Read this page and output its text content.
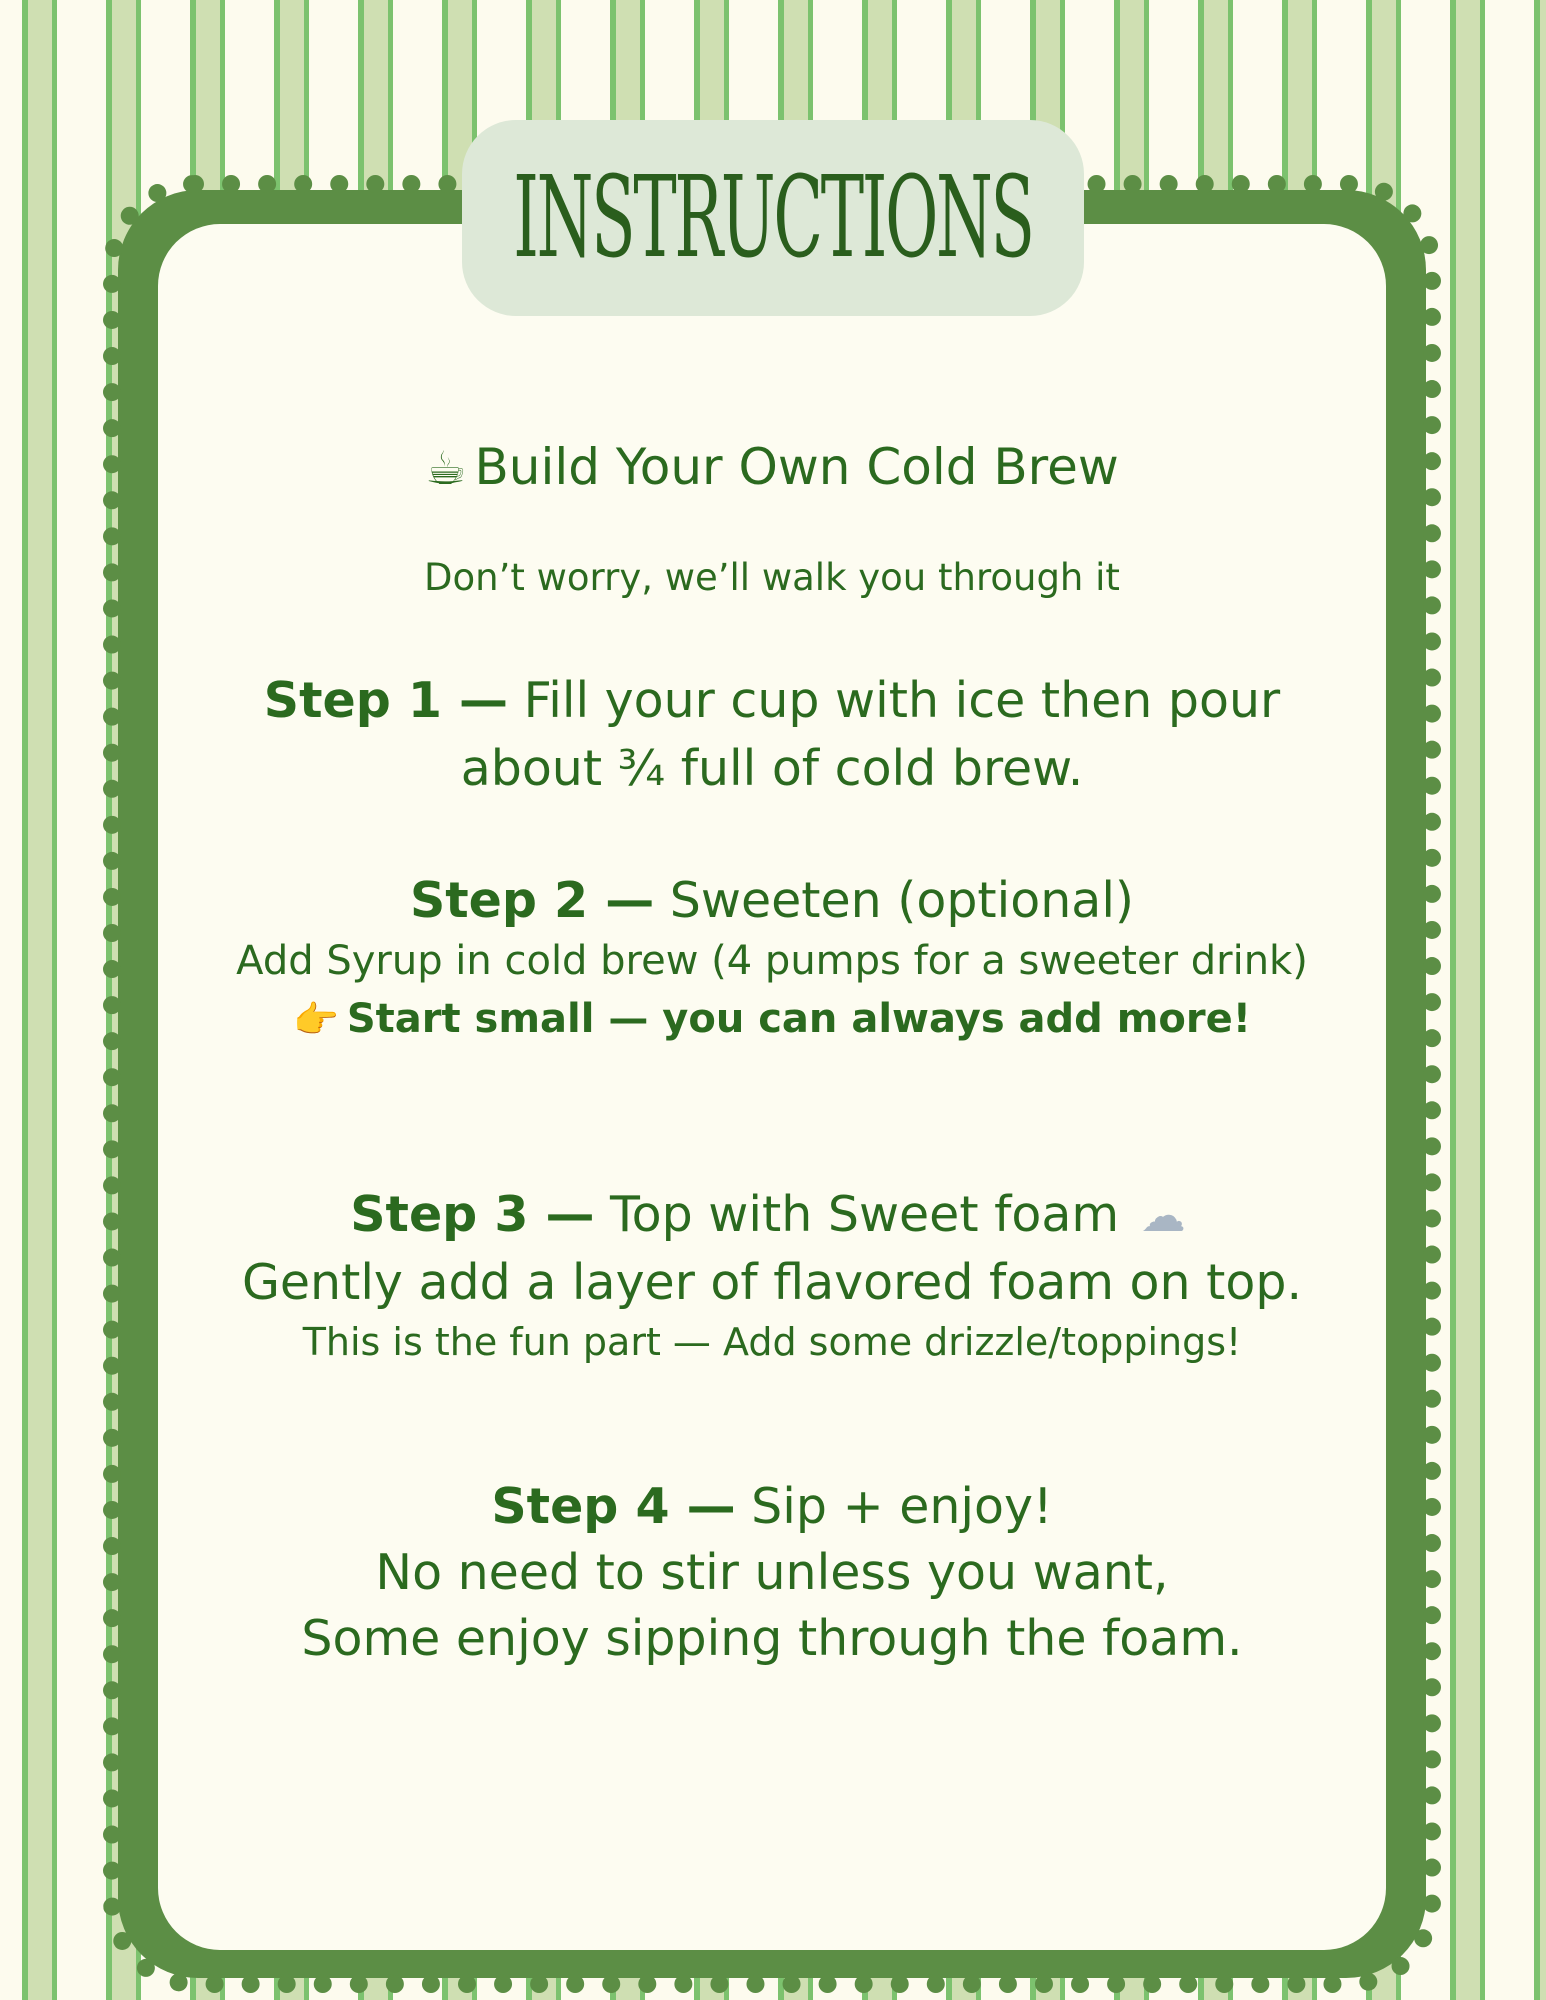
INSTRUCTIONS
☕ Build Your Own Cold Brew
Don’t worry, we’ll walk you through it
Step 1 — Fill your cup with ice then pour
about ¾ full of cold brew.
Step 2 — Sweeten (optional)
Add Syrup in cold brew (4 pumps for a sweeter drink)
👉 Start small — you can always add more!
Step 3 — Top with Sweet foam ☁
Gently add a layer of flavored foam on top.
This is the fun part — Add some drizzle/toppings!
Step 4 — Sip + enjoy!
No need to stir unless you want,
Some enjoy sipping through the foam.
